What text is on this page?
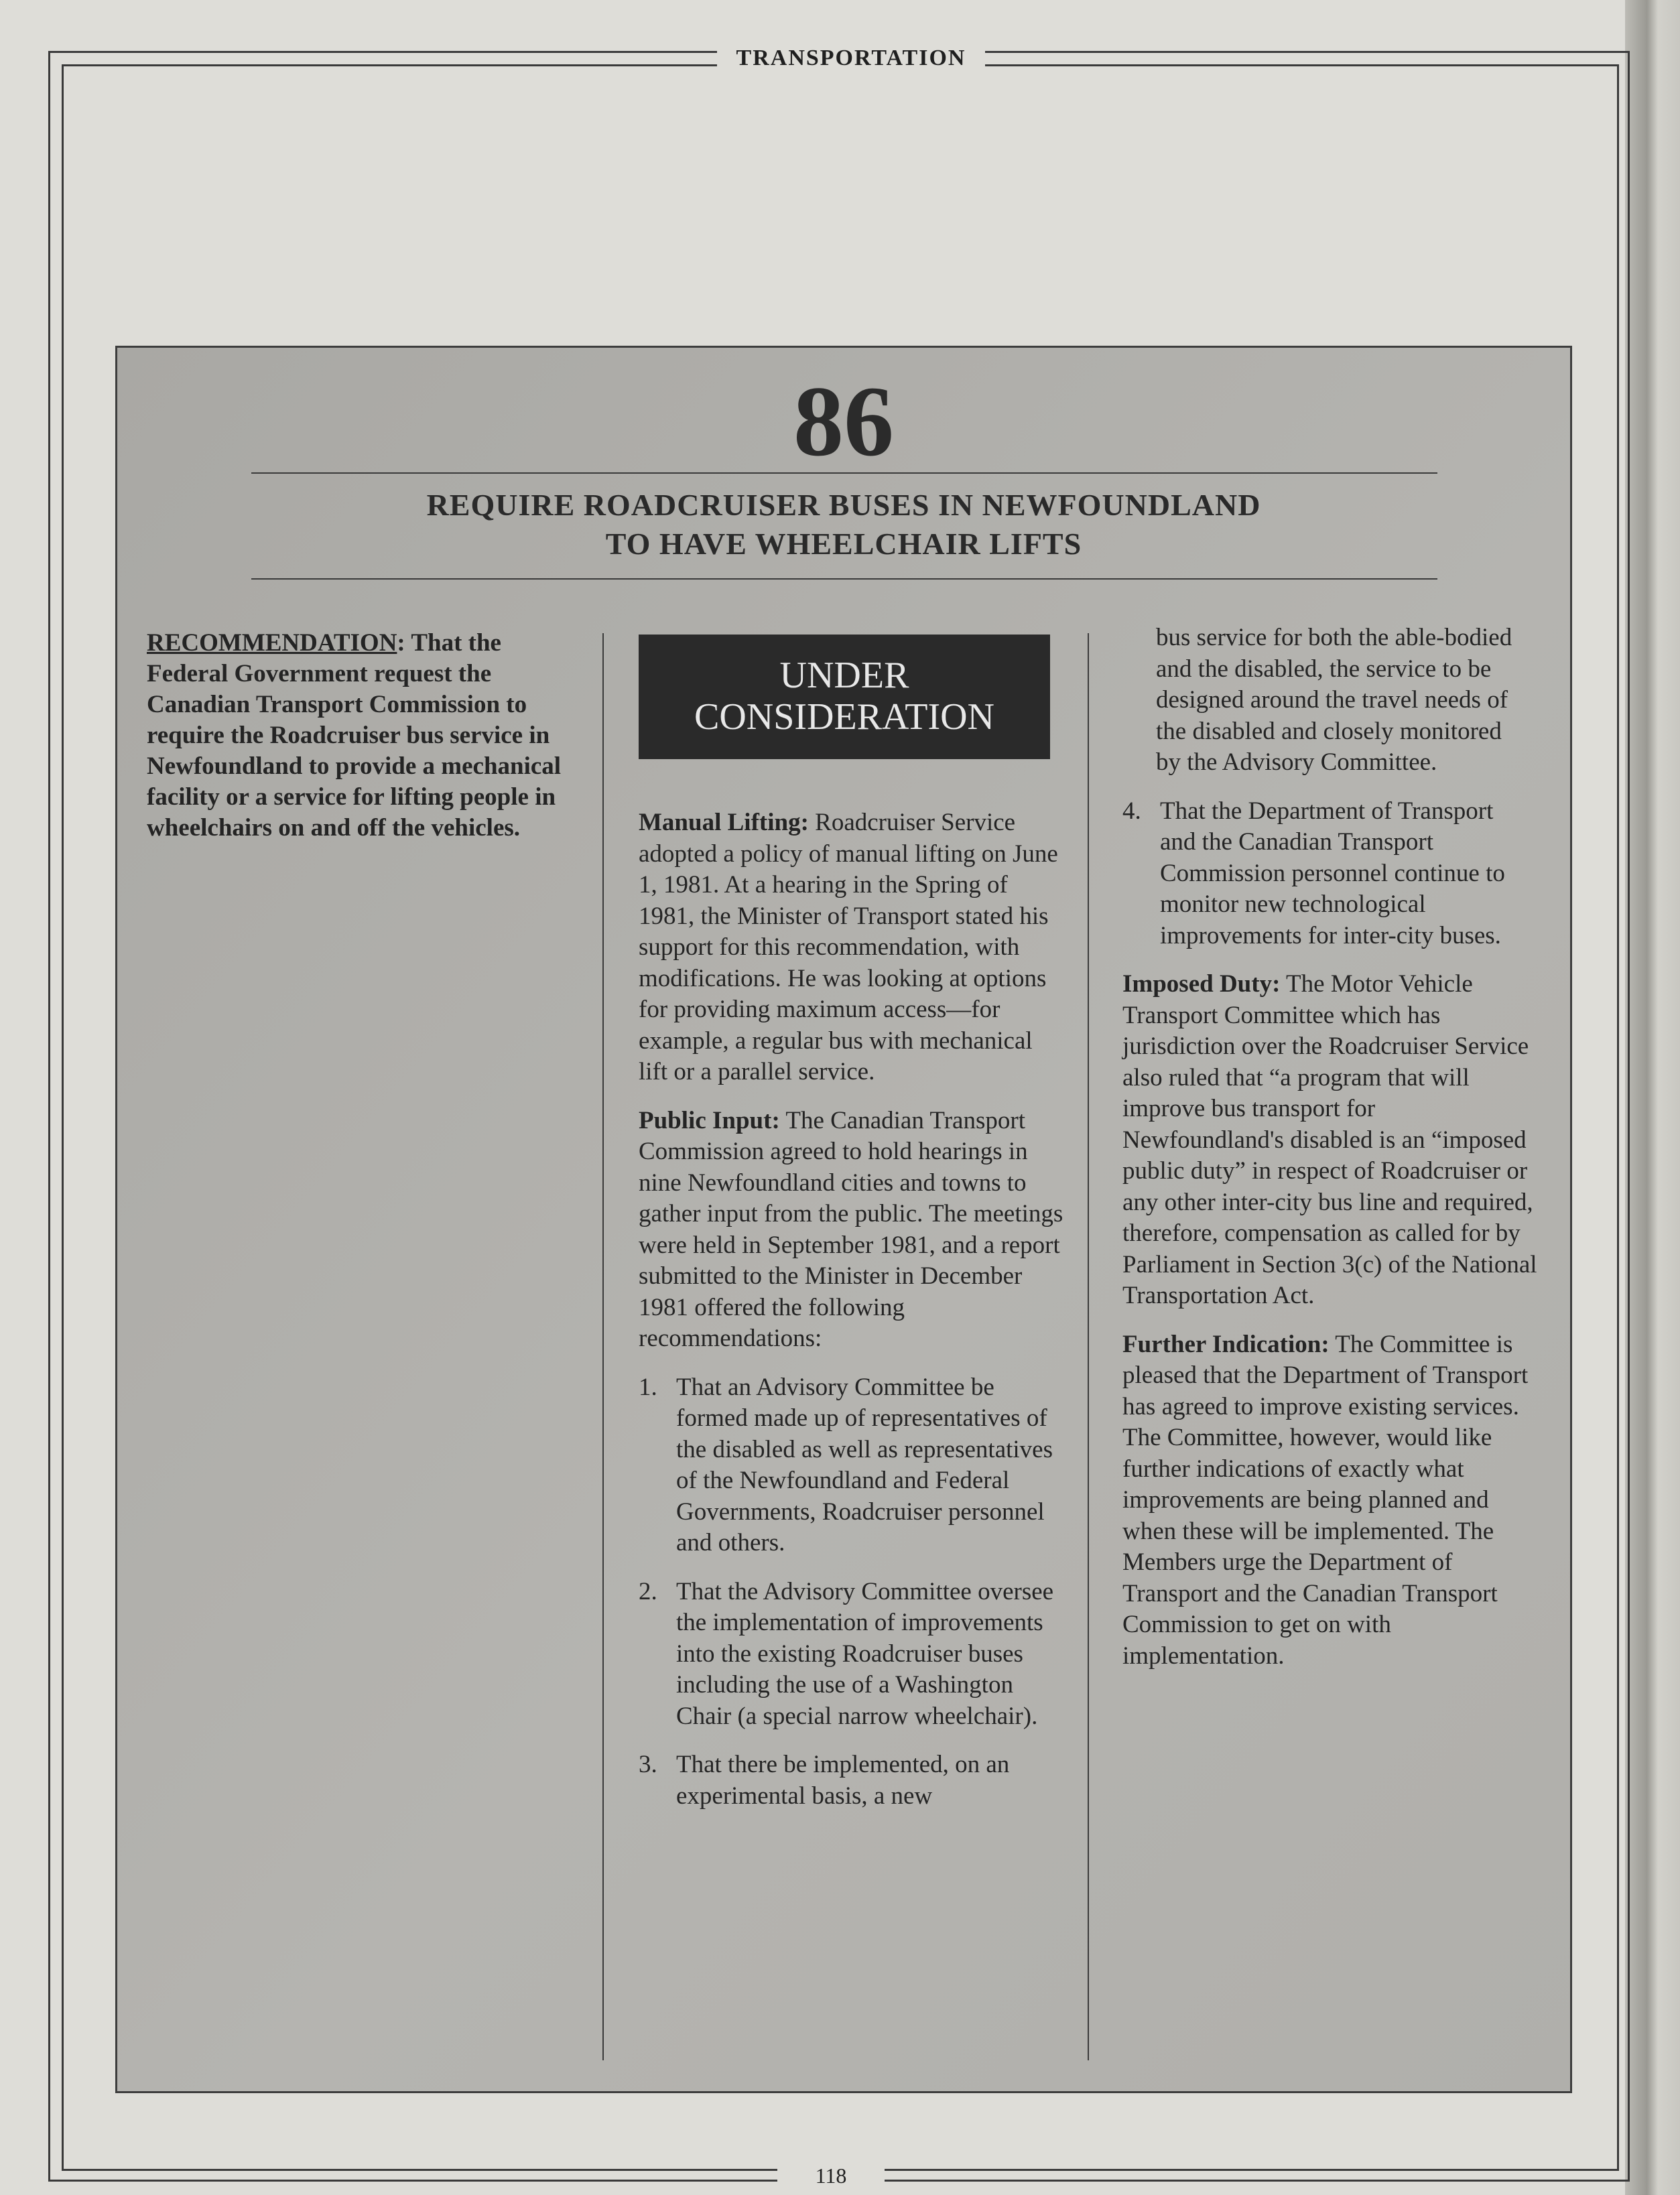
TRANSPORTATION
86
REQUIRE ROADCRUISER BUSES IN NEWFOUNDLAND
TO HAVE WHEELCHAIR LIFTS

RECOMMENDATION: That the Federal Government request the Canadian Transport Commission to require the Roadcruiser bus service in Newfoundland to provide a mechanical facility or a service for lifting people in wheelchairs on and off the vehicles.

UNDER
CONSIDERATION

Manual Lifting: Roadcruiser Service adopted a policy of manual lifting on June 1, 1981. At a hearing in the Spring of 1981, the Minister of Transport stated his support for this recommendation, with modifications. He was looking at options for providing maximum access—for example, a regular bus with mechanical lift or a parallel service.

Public Input: The Canadian Transport Commission agreed to hold hearings in nine Newfoundland cities and towns to gather input from the public. The meetings were held in September 1981, and a report submitted to the Minister in December 1981 offered the following recommendations:

1. That an Advisory Committee be formed made up of representatives of the disabled as well as representatives of the Newfoundland and Federal Governments, Roadcruiser personnel and others.
2. That the Advisory Committee oversee the implementation of improvements into the existing Roadcruiser buses including the use of a Washington Chair (a special narrow wheelchair).
3. That there be implemented, on an experimental basis, a new

bus service for both the able-bodied and the disabled, the service to be designed around the travel needs of the disabled and closely monitored by the Advisory Committee.

4. That the Department of Transport and the Canadian Transport Commission personnel continue to monitor new technological improvements for inter-city buses.

Imposed Duty: The Motor Vehicle Transport Committee which has jurisdiction over the Roadcruiser Service also ruled that “a program that will improve bus transport for Newfoundland's disabled is an “imposed public duty” in respect of Roadcruiser or any other inter-city bus line and required, therefore, compensation as called for by Parliament in Section 3(c) of the National Transportation Act.

Further Indication: The Committee is pleased that the Department of Transport has agreed to improve existing services. The Committee, however, would like further indications of exactly what improvements are being planned and when these will be implemented. The Members urge the Department of Transport and the Canadian Transport Commission to get on with implementation.

118
